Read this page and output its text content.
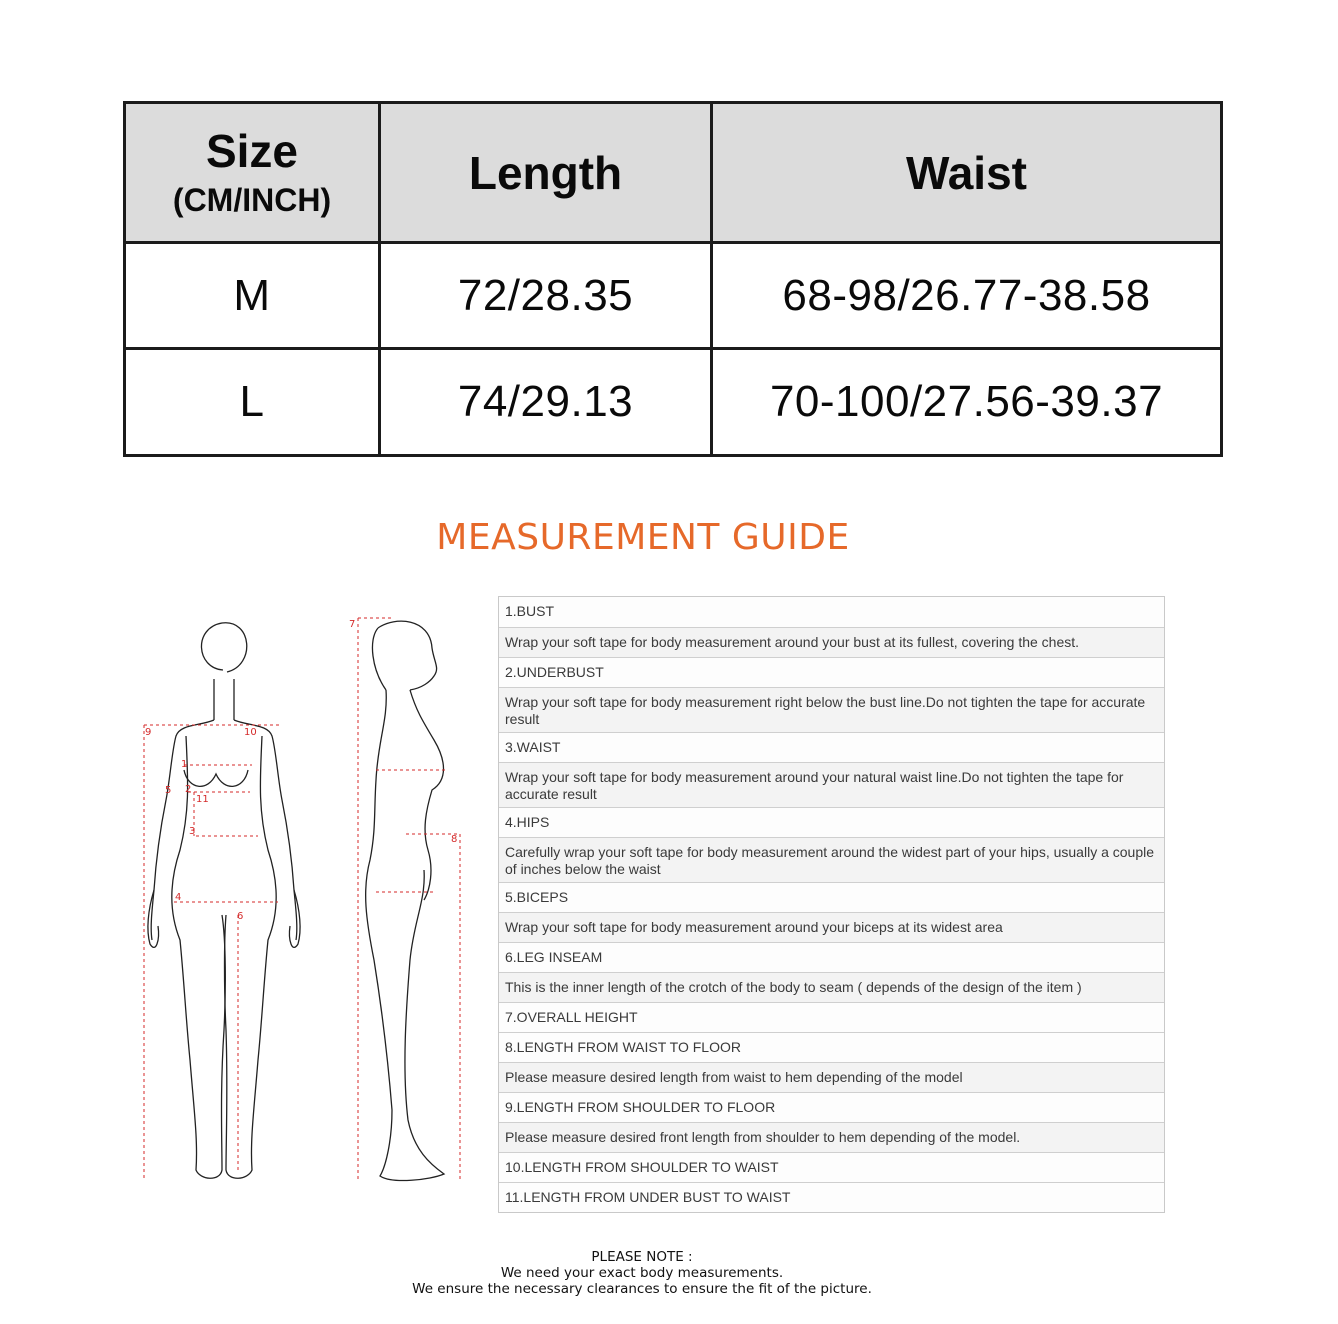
Size
(CM/INCH)	Length	Waist
M	72/28.35	68-98/26.77-38.58
L	74/29.13	70-100/27.56-39.37
MEASUREMENT GUIDE
1
2
3
4
5
6
9	10
11
7
8
1.BUST
Wrap your soft tape for body measurement around your bust at its fullest, covering the chest.
2.UNDERBUST
Wrap your soft tape for body measurement right below the bust line.Do not tighten the tape for accurate result
3.WAIST
Wrap your soft tape for body measurement around your natural waist line.Do not tighten the tape for accurate result
4.HIPS
Carefully wrap your soft tape for body measurement around the widest part of your hips, usually a couple of inches below the waist
5.BICEPS
Wrap your soft tape for body measurement around your biceps at its widest area
6.LEG INSEAM
This is the inner length of the crotch of the body to seam ( depends of the design of the item )
7.OVERALL HEIGHT
8.LENGTH FROM WAIST TO FLOOR
Please measure desired length from waist to hem depending of the model
9.LENGTH FROM SHOULDER TO FLOOR
Please measure desired front length from shoulder to hem depending of the model.
10.LENGTH FROM SHOULDER TO WAIST
11.LENGTH FROM UNDER BUST TO WAIST
PLEASE NOTE :
We need your exact body measurements.
We ensure the necessary clearances to ensure the fit of the picture.
